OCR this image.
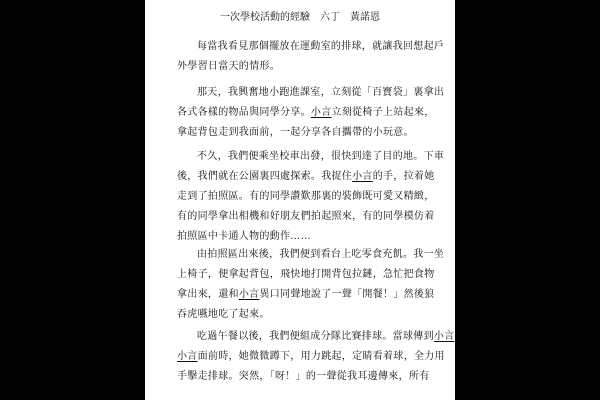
一次學校活動的經驗　六丁　黃諾恩
每當我看見那個擺放在運動室的排球，就讓我回想起戶
外學習日當天的情形。
那天，我興奮地小跑進課室，立刻從「百寶袋」裏拿出
各式各樣的物品與同學分享。小言立刻從椅子上站起來，
拿起背包走到我面前，一起分享各自攜帶的小玩意。
不久，我們便乘坐校車出發，很快到達了目的地。下車
後，我們就在公園裏四處探索。我捉住小言的手，拉着她
走到了拍照區。有的同學讚歎那裏的裝飾既可愛又精緻，
有的同學拿出相機和好朋友們拍起照來，有的同學模仿着
拍照區中卡通人物的動作……
由拍照區出來後，我們便到看台上吃零食充飢。我一坐
上椅子，便拿起背包，飛快地打開背包拉鏈，急忙把食物
拿出來，還和小言異口同聲地說了一聲「開餐！」然後狼
吞虎嚥地吃了起來。
吃過午餐以後，我們便組成分隊比賽排球。當球傳到小言
小言面前時，她微微蹲下，用力跳起，定睛看着球，全力用
手擊走排球。突然，「呀！」的一聲從我耳邊傳來，所有
